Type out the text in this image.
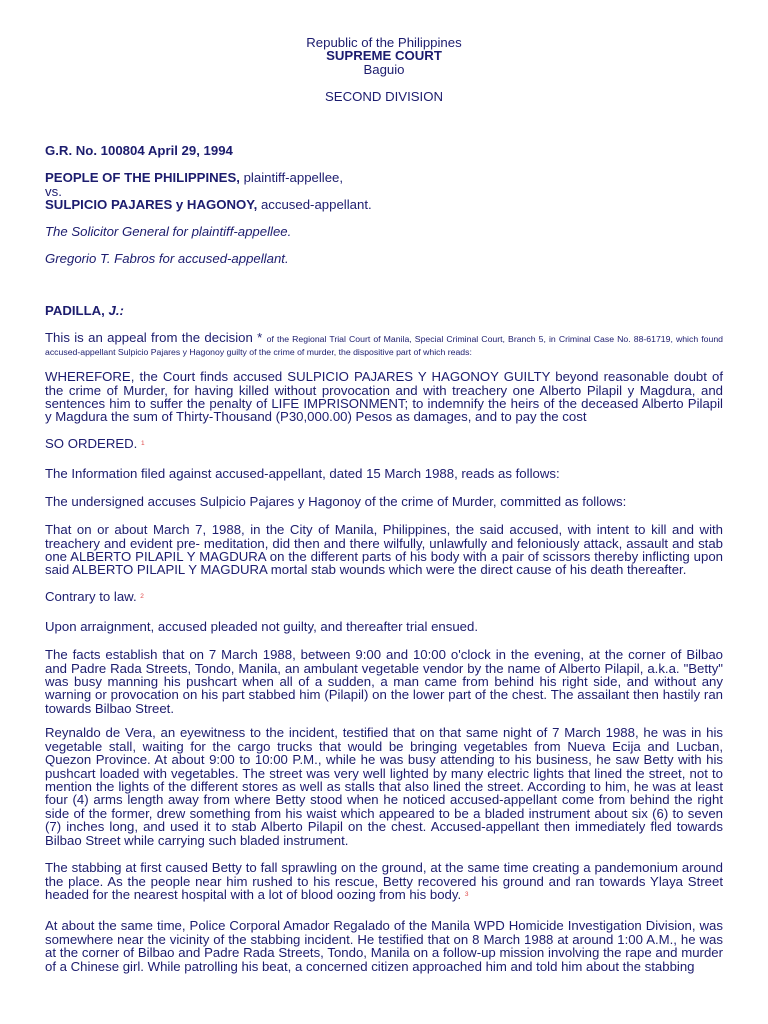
Republic of the Philippines
SUPREME COURT
Baguio
SECOND DIVISION
G.R. No. 100804 April 29, 1994
PEOPLE OF THE PHILIPPINES, plaintiff-appellee,
vs.
SULPICIO PAJARES y HAGONOY, accused-appellant.
The Solicitor General for plaintiff-appellee.
Gregorio T. Fabros for accused-appellant.
PADILLA, J.:

This is an appeal from the decision * of the Regional Trial Court of Manila, Special Criminal Court, Branch 5, in Criminal Case No. 88-61719, which found accused-appellant Sulpicio Pajares y Hagonoy guilty of the crime of murder, the dispositive part of which reads:

WHEREFORE, the Court finds accused SULPICIO PAJARES Y HAGONOY GUILTY beyond reasonable doubt of the crime of Murder, for having killed without provocation and with treachery one Alberto Pilapil y Magdura, and sentences him to suffer the penalty of LIFE IMPRISONMENT; to indemnify the heirs of the deceased Alberto Pilapil y Magdura the sum of Thirty-Thousand (P30,000.00) Pesos as damages, and to pay the cost

SO ORDERED. $^1$

The Information filed against accused-appellant, dated 15 March 1988, reads as follows:

The undersigned accuses Sulpicio Pajares y Hagonoy of the crime of Murder, committed as follows:

That on or about March 7, 1988, in the City of Manila, Philippines, the said accused, with intent to kill and with treachery and evident pre- meditation, did then and there wilfully, unlawfully and feloniously attack, assault and stab one ALBERTO PILAPIL Y MAGDURA on the different parts of his body with a pair of scissors thereby inflicting upon said ALBERTO PILAPIL Y MAGDURA mortal stab wounds which were the direct cause of his death thereafter.

Contrary to law. $^2$

Upon arraignment, accused pleaded not guilty, and thereafter trial ensued.

The facts establish that on 7 March 1988, between 9:00 and 10:00 o'clock in the evening, at the corner of Bilbao and Padre Rada Streets, Tondo, Manila, an ambulant vegetable vendor by the name of Alberto Pilapil, a.k.a. "Betty" was busy manning his pushcart when all of a sudden, a man came from behind his right side, and without any warning or provocation on his part stabbed him (Pilapil) on the lower part of the chest. The assailant then hastily ran towards Bilbao Street.

Reynaldo de Vera, an eyewitness to the incident, testified that on that same night of 7 March 1988, he was in his vegetable stall, waiting for the cargo trucks that would be bringing vegetables from Nueva Ecija and Lucban, Quezon Province. At about 9:00 to 10:00 P.M., while he was busy attending to his business, he saw Betty with his pushcart loaded with vegetables. The street was very well lighted by many electric lights that lined the street, not to mention the lights of the different stores as well as stalls that also lined the street. According to him, he was at least four (4) arms length away from where Betty stood when he noticed accused-appellant come from behind the right side of the former, drew something from his waist which appeared to be a bladed instrument about six (6) to seven (7) inches long, and used it to stab Alberto Pilapil on the chest. Accused-appellant then immediately fled towards Bilbao Street while carrying such bladed instrument.

The stabbing at first caused Betty to fall sprawling on the ground, at the same time creating a pandemonium around the place. As the people near him rushed to his rescue, Betty recovered his ground and ran towards Ylaya Street headed for the nearest hospital with a lot of blood oozing from his body. $^3$

At about the same time, Police Corporal Amador Regalado of the Manila WPD Homicide Investigation Division, was somewhere near the vicinity of the stabbing incident. He testified that on 8 March 1988 at around 1:00 A.M., he was at the corner of Bilbao and Padre Rada Streets, Tondo, Manila on a follow-up mission involving the rape and murder of a Chinese girl. While patrolling his beat, a concerned citizen approached him and told him about the stabbing
